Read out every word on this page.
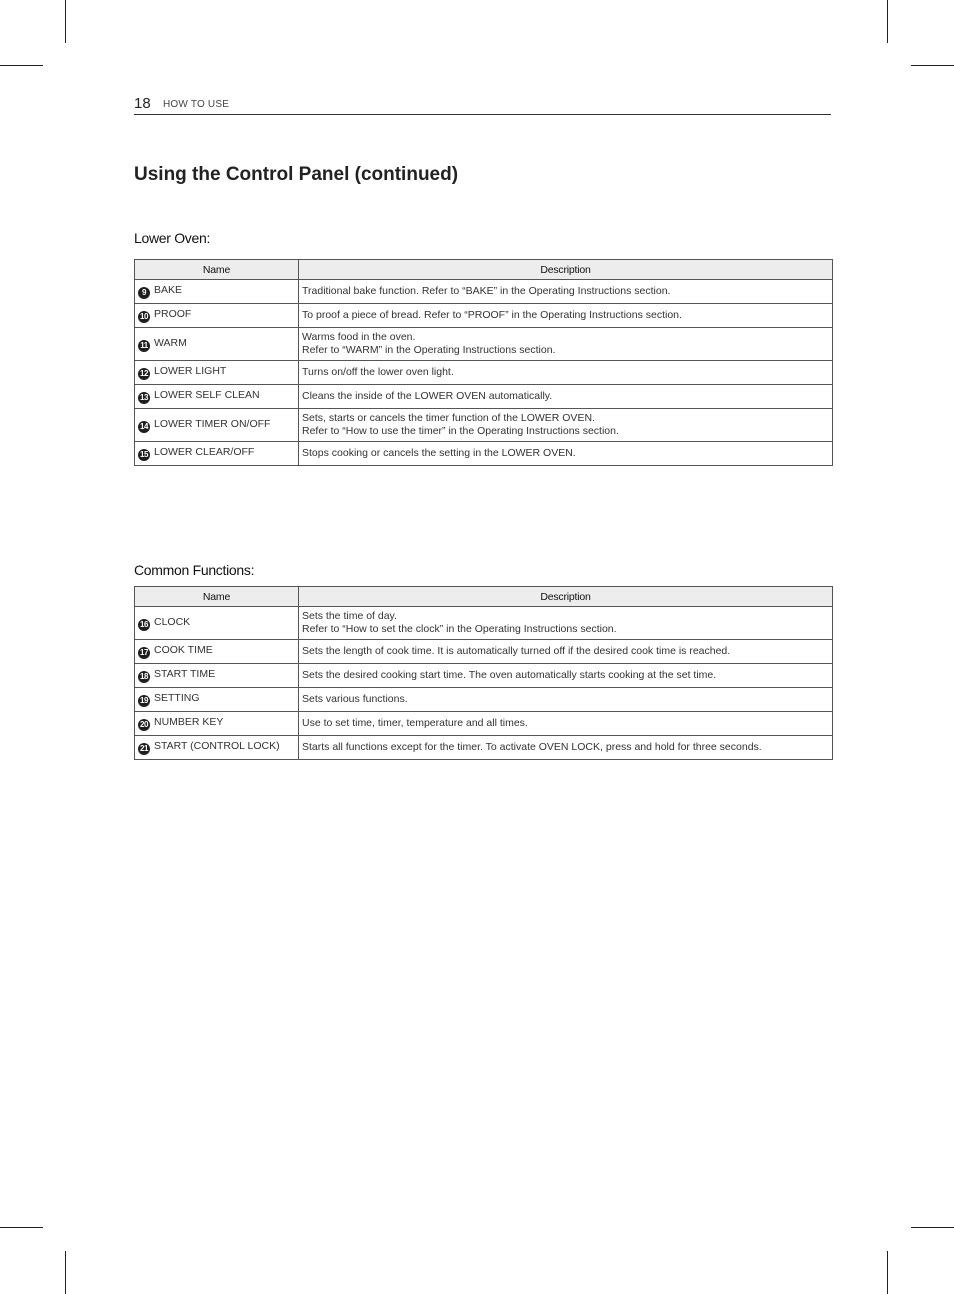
18 HOW TO USE
Using the Control Panel (continued)
Lower Oven:
Name	Description
9 BAKE	Traditional bake function. Refer to “BAKE” in the Operating Instructions section.

10 PROOF	To proof a piece of bread. Refer to “PROOF” in the Operating Instructions section.

11 WARM	Warms food in the oven.
Refer to “WARM” in the Operating Instructions section.

12 LOWER LIGHT	Turns on/off the lower oven light.

13 LOWER SELF CLEAN	Cleans the inside of the LOWER OVEN automatically.

14 LOWER TIMER ON/OFF	Sets, starts or cancels the timer function of the LOWER OVEN.
Refer to “How to use the timer” in the Operating Instructions section.

15 LOWER CLEAR/OFF	Stops cooking or cancels the setting in the LOWER OVEN.
Common Functions:
Name	Description
16 CLOCK	Sets the time of day.
Refer to “How to set the clock” in the Operating Instructions section.

17 COOK TIME	Sets the length of cook time. It is automatically turned off if the desired cook time is reached.

18 START TIME	Sets the desired cooking start time. The oven automatically starts cooking at the set time.

19 SETTING	Sets various functions.

20 NUMBER KEY	Use to set time, timer, temperature and all times.

21 START (CONTROL LOCK)	Starts all functions except for the timer. To activate OVEN LOCK, press and hold for three seconds.
